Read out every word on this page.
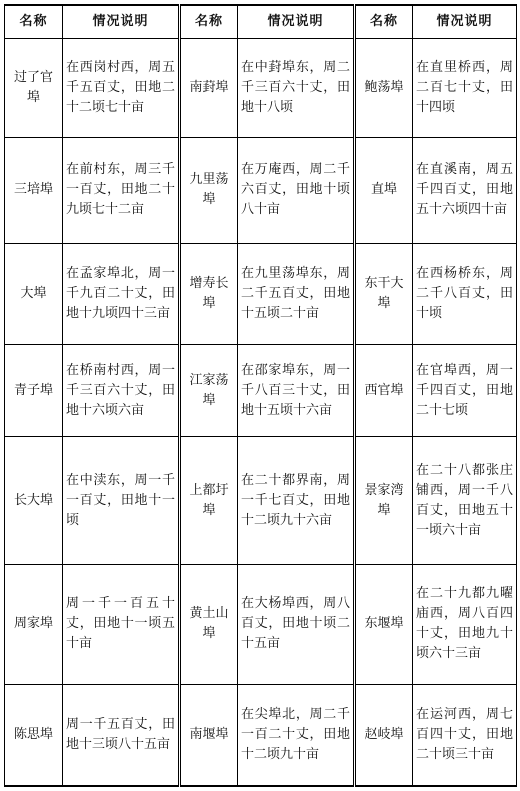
名称	情况说明	名称	情况说明	名称	情况说明
过了官埠	在西岗村西，周五千五百丈，田地二十二顷七十亩	南葑埠	在中葑埠东，周二千三百六十丈，田地十八顷	鲍荡埠	在直里桥西，周二百七十丈，田十四顷
三培埠	在前村东，周三千一百丈，田地二十九顷七十二亩	九里荡埠	在万庵西，周二千六百丈，田地十顷八十亩	直埠	在直溪南，周五千四百丈，田地五十六顷四十亩
大埠	在孟家埠北，周一千九百二十丈，田地十九顷四十三亩	增寿长埠	在九里荡埠东，周二千五百丈，田地十五顷二十亩	东干大埠	在西杨桥东，周二千八百丈，田十顷
青子埠	在桥南村西，周一千三百六十丈，田地十六顷六亩	江家荡埠	在邵家埠东，周一千八百三十丈，田地十五顷十六亩	西官埠	在官埠西，周一千四百丈，田地二十七顷
长大埠	在中渎东，周一千一百丈，田地十一顷	上都圩埠	在二十都界南，周一千七百丈，田地十二顷九十六亩	景家湾埠	在二十八都张庄铺西，周一千八百丈，田地五十一顷六十亩
周家埠	周一千一百五十丈，田地十一顷五十亩	黄土山埠	在大杨埠西，周八百丈，田地十顷二十五亩	东堰埠	在二十九都九曜庙西，周八百四十丈，田地九十顷六十三亩
陈思埠	周一千五百丈，田地十三顷八十五亩	南堰埠	在尖埠北，周二千一百二十丈，田地十二顷九十亩	赵岐埠	在运河西，周七百四十丈，田地二十顷三十亩
